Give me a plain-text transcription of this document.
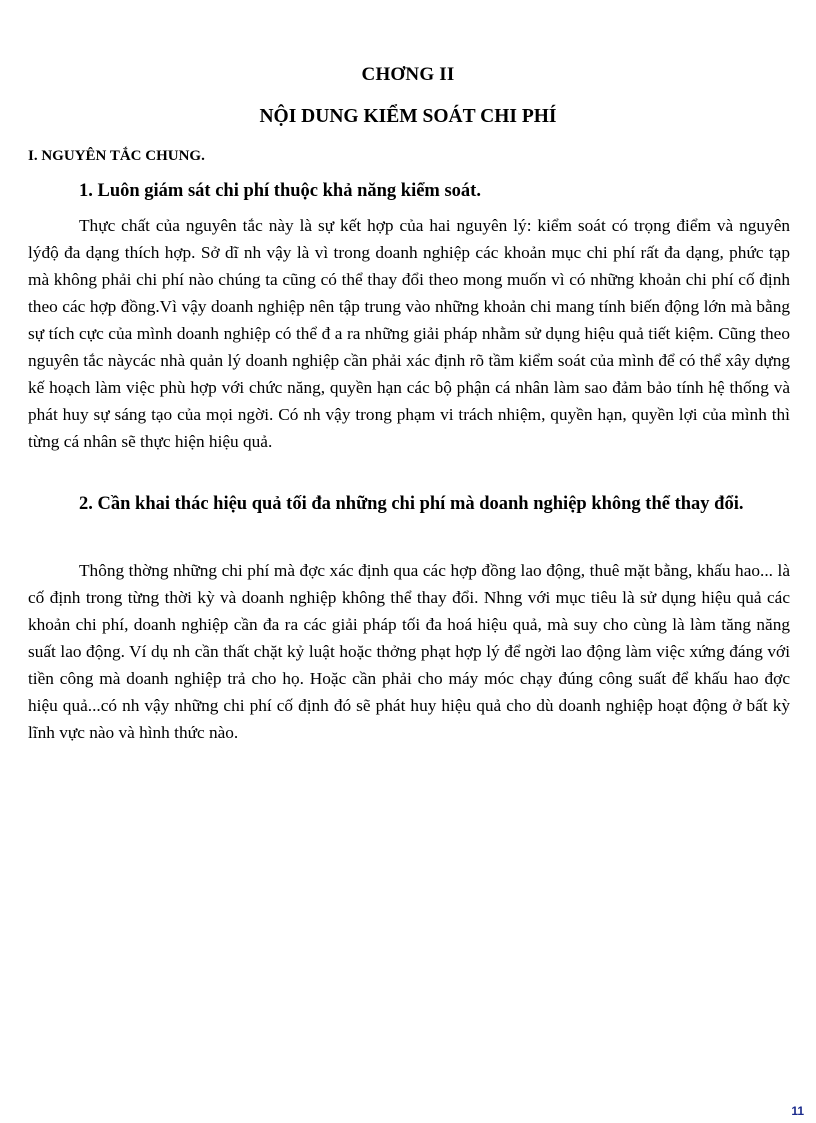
CHƠNG II
NỘI DUNG KIỂM SOÁT CHI PHÍ
I. NGUYÊN TẮC CHUNG.
1. Luôn giám sát chi phí thuộc khả năng kiểm soát.

Thực chất của nguyên tắc này là sự kết hợp của hai nguyên lý: kiểm soát có trọng điểm và nguyên lýđộ đa dạng thích hợp. Sở dĩ nh vậy là vì trong doanh nghiệp các khoản mục chi phí rất đa dạng, phức tạp mà không phải chi phí nào chúng ta cũng có thể thay đổi theo mong muốn vì có những khoản chi phí cố định theo các hợp đồng.Vì vậy doanh nghiệp nên tập trung vào những khoản chi mang tính biến động lớn mà bằng sự tích cực của mình doanh nghiệp có thể đ a ra những giải pháp nhằm sử dụng hiệu quả tiết kiệm. Cũng theo nguyên tắc nàycác nhà quản lý doanh nghiệp cần phải xác định rõ tầm kiểm soát của mình để có thể xây dựng kế hoạch làm việc phù hợp với chức năng, quyền hạn các bộ phận cá nhân làm sao đảm bảo tính hệ thống và phát huy sự sáng tạo của mọi ngời. Có nh vậy trong phạm vi trách nhiệm, quyền hạn, quyền lợi của mình thì từng cá nhân sẽ thực hiện hiệu quả.

2. Cần khai thác hiệu quả tối đa những chi phí mà doanh nghiệp không thể thay đổi.

Thông thờng những chi phí mà đợc xác định qua các hợp đồng lao động, thuê mặt bằng, khấu hao... là cố định trong từng thời kỳ và doanh nghiệp không thể thay đổi. Nhng với mục tiêu là sử dụng hiệu quả các khoản chi phí, doanh nghiệp cần đa ra các giải pháp tối đa hoá hiệu quả, mà suy cho cùng là làm tăng năng suất lao động. Ví dụ nh cần thất chặt kỷ luật hoặc thởng phạt hợp lý để ngời lao động làm việc xứng đáng với tiền công mà doanh nghiệp trả cho họ. Hoặc cần phải cho máy móc chạy đúng công suất để khấu hao đợc hiệu quả...có nh vậy những chi phí cố định đó sẽ phát huy hiệu quả cho dù doanh nghiệp hoạt động ở bất kỳ lĩnh vực nào và hình thức nào.

11
